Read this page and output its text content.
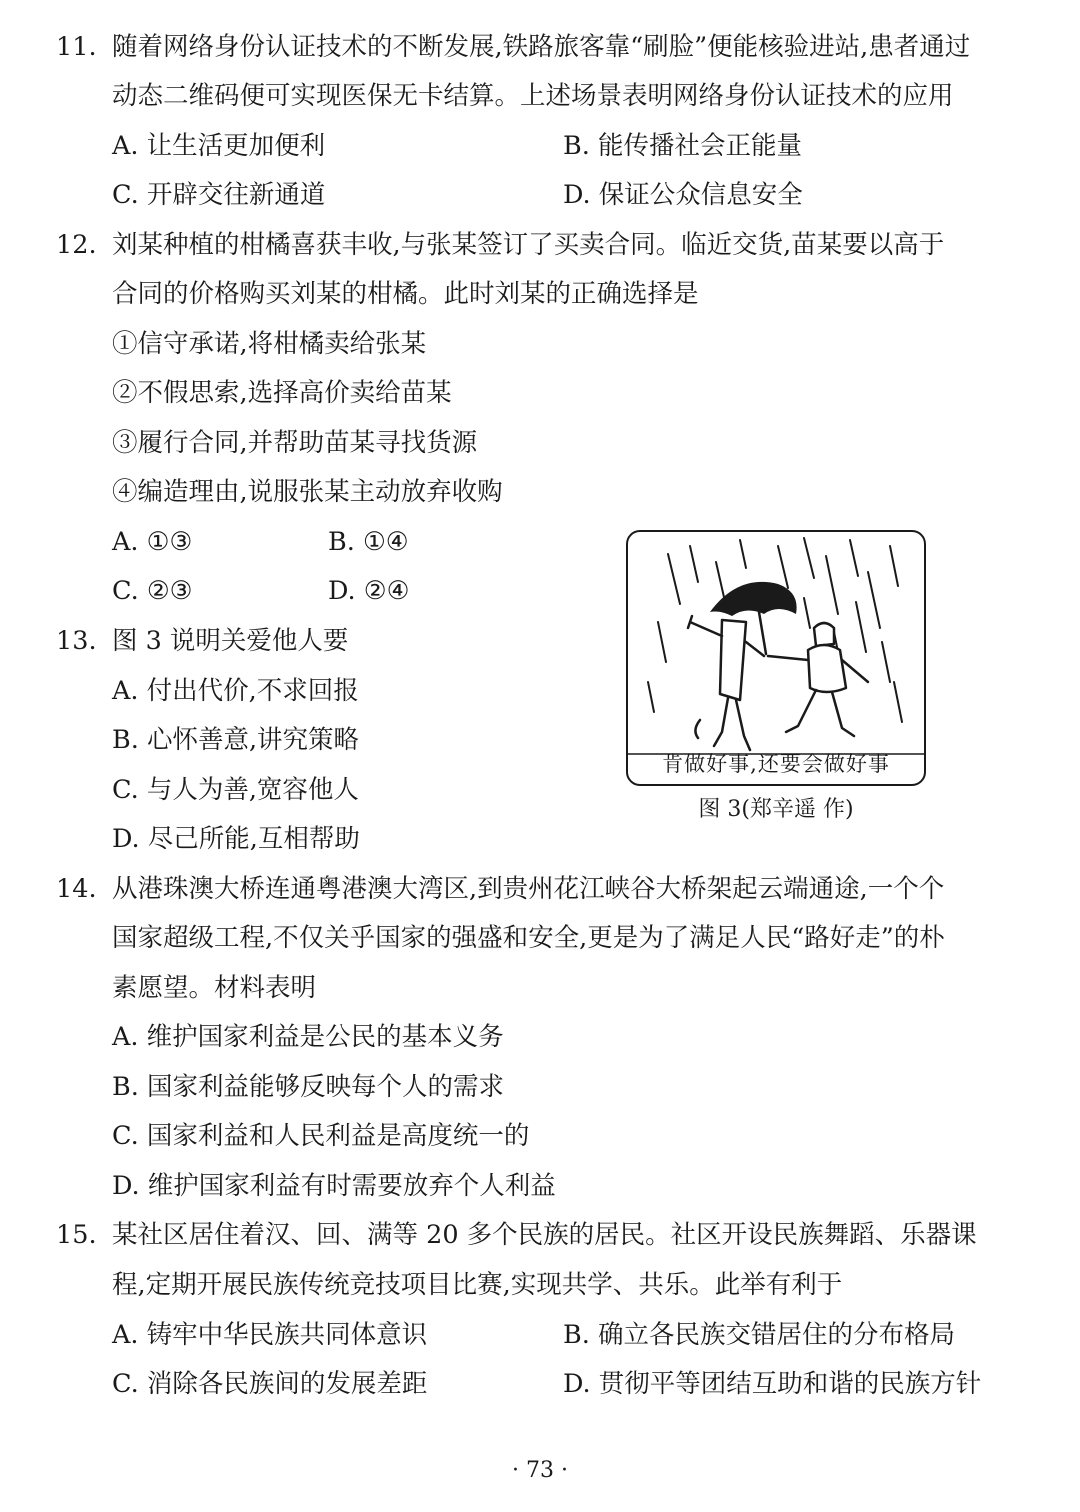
11. 随着网络身份认证技术的不断发展,铁路旅客靠“刷脸”便能核验进站,患者通过
动态二维码便可实现医保无卡结算。上述场景表明网络身份认证技术的应用
A. 让生活更加便利	B. 能传播社会正能量
C. 开辟交往新通道	D. 保证公众信息安全
12. 刘某种植的柑橘喜获丰收,与张某签订了买卖合同。临近交货,苗某要以高于
合同的价格购买刘某的柑橘。此时刘某的正确选择是
①信守承诺,将柑橘卖给张某
②不假思索,选择高价卖给苗某
③履行合同,并帮助苗某寻找货源
④编造理由,说服张某主动放弃收购
A. ①③	B. ①④
C. ②③	D. ②④
肯做好事,还要会做好事
图 3(郑辛遥 作)
13. 图 3 说明关爱他人要
A. 付出代价,不求回报
B. 心怀善意,讲究策略
C. 与人为善,宽容他人
D. 尽己所能,互相帮助
14. 从港珠澳大桥连通粤港澳大湾区,到贵州花江峡谷大桥架起云端通途,一个个
国家超级工程,不仅关乎国家的强盛和安全,更是为了满足人民“路好走”的朴
素愿望。材料表明
A. 维护国家利益是公民的基本义务
B. 国家利益能够反映每个人的需求
C. 国家利益和人民利益是高度统一的
D. 维护国家利益有时需要放弃个人利益
15. 某社区居住着汉、回、满等 20 多个民族的居民。社区开设民族舞蹈、乐器课
程,定期开展民族传统竞技项目比赛,实现共学、共乐。此举有利于
A. 铸牢中华民族共同体意识	B. 确立各民族交错居住的分布格局
C. 消除各民族间的发展差距	D. 贯彻平等团结互助和谐的民族方针
· 73 ·
